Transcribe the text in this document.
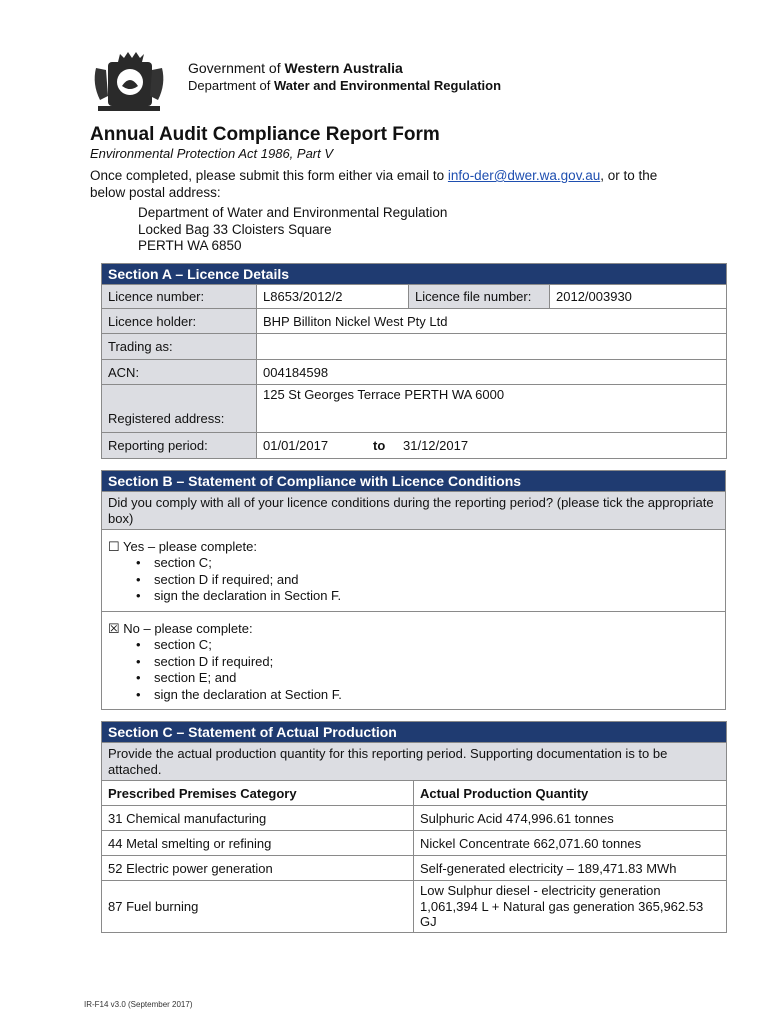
Government of Western Australia
Department of Water and Environmental Regulation
Annual Audit Compliance Report Form
Environmental Protection Act 1986, Part V
Once completed, please submit this form either via email to info-der@dwer.wa.gov.au, or to the below postal address:
Department of Water and Environmental Regulation
Locked Bag 33 Cloisters Square
PERTH WA 6850
Section A – Licence Details			
Licence number:	L8653/2012/2	Licence file number:	2012/003930
Licence holder:	BHP Billiton Nickel West Pty Ltd		
Trading as:			
ACN:	004184598		
Registered address:	125 St Georges Terrace PERTH WA 6000		
Reporting period:	01/01/2017 to 31/12/2017		
Section B – Statement of Compliance with Licence Conditions
Did you comply with all of your licence conditions during the reporting period? (please tick the appropriate box)

☐ Yes – please complete:
• section C;
• section D if required; and
• sign the declaration in Section F.

☒ No – please complete:
• section C;
• section D if required;
• section E; and
• sign the declaration at Section F.
Section C – Statement of Actual Production	
Provide the actual production quantity for this reporting period. Supporting documentation is to be attached.	
Prescribed Premises Category	Actual Production Quantity
31 Chemical manufacturing	Sulphuric Acid 474,996.61 tonnes
44 Metal smelting or refining	Nickel Concentrate 662,071.60 tonnes
52 Electric power generation	Self-generated electricity – 189,471.83 MWh
87 Fuel burning	Low Sulphur diesel - electricity generation 1,061,394 L + Natural gas generation 365,962.53 GJ
IR-F14 v3.0 (September 2017)
